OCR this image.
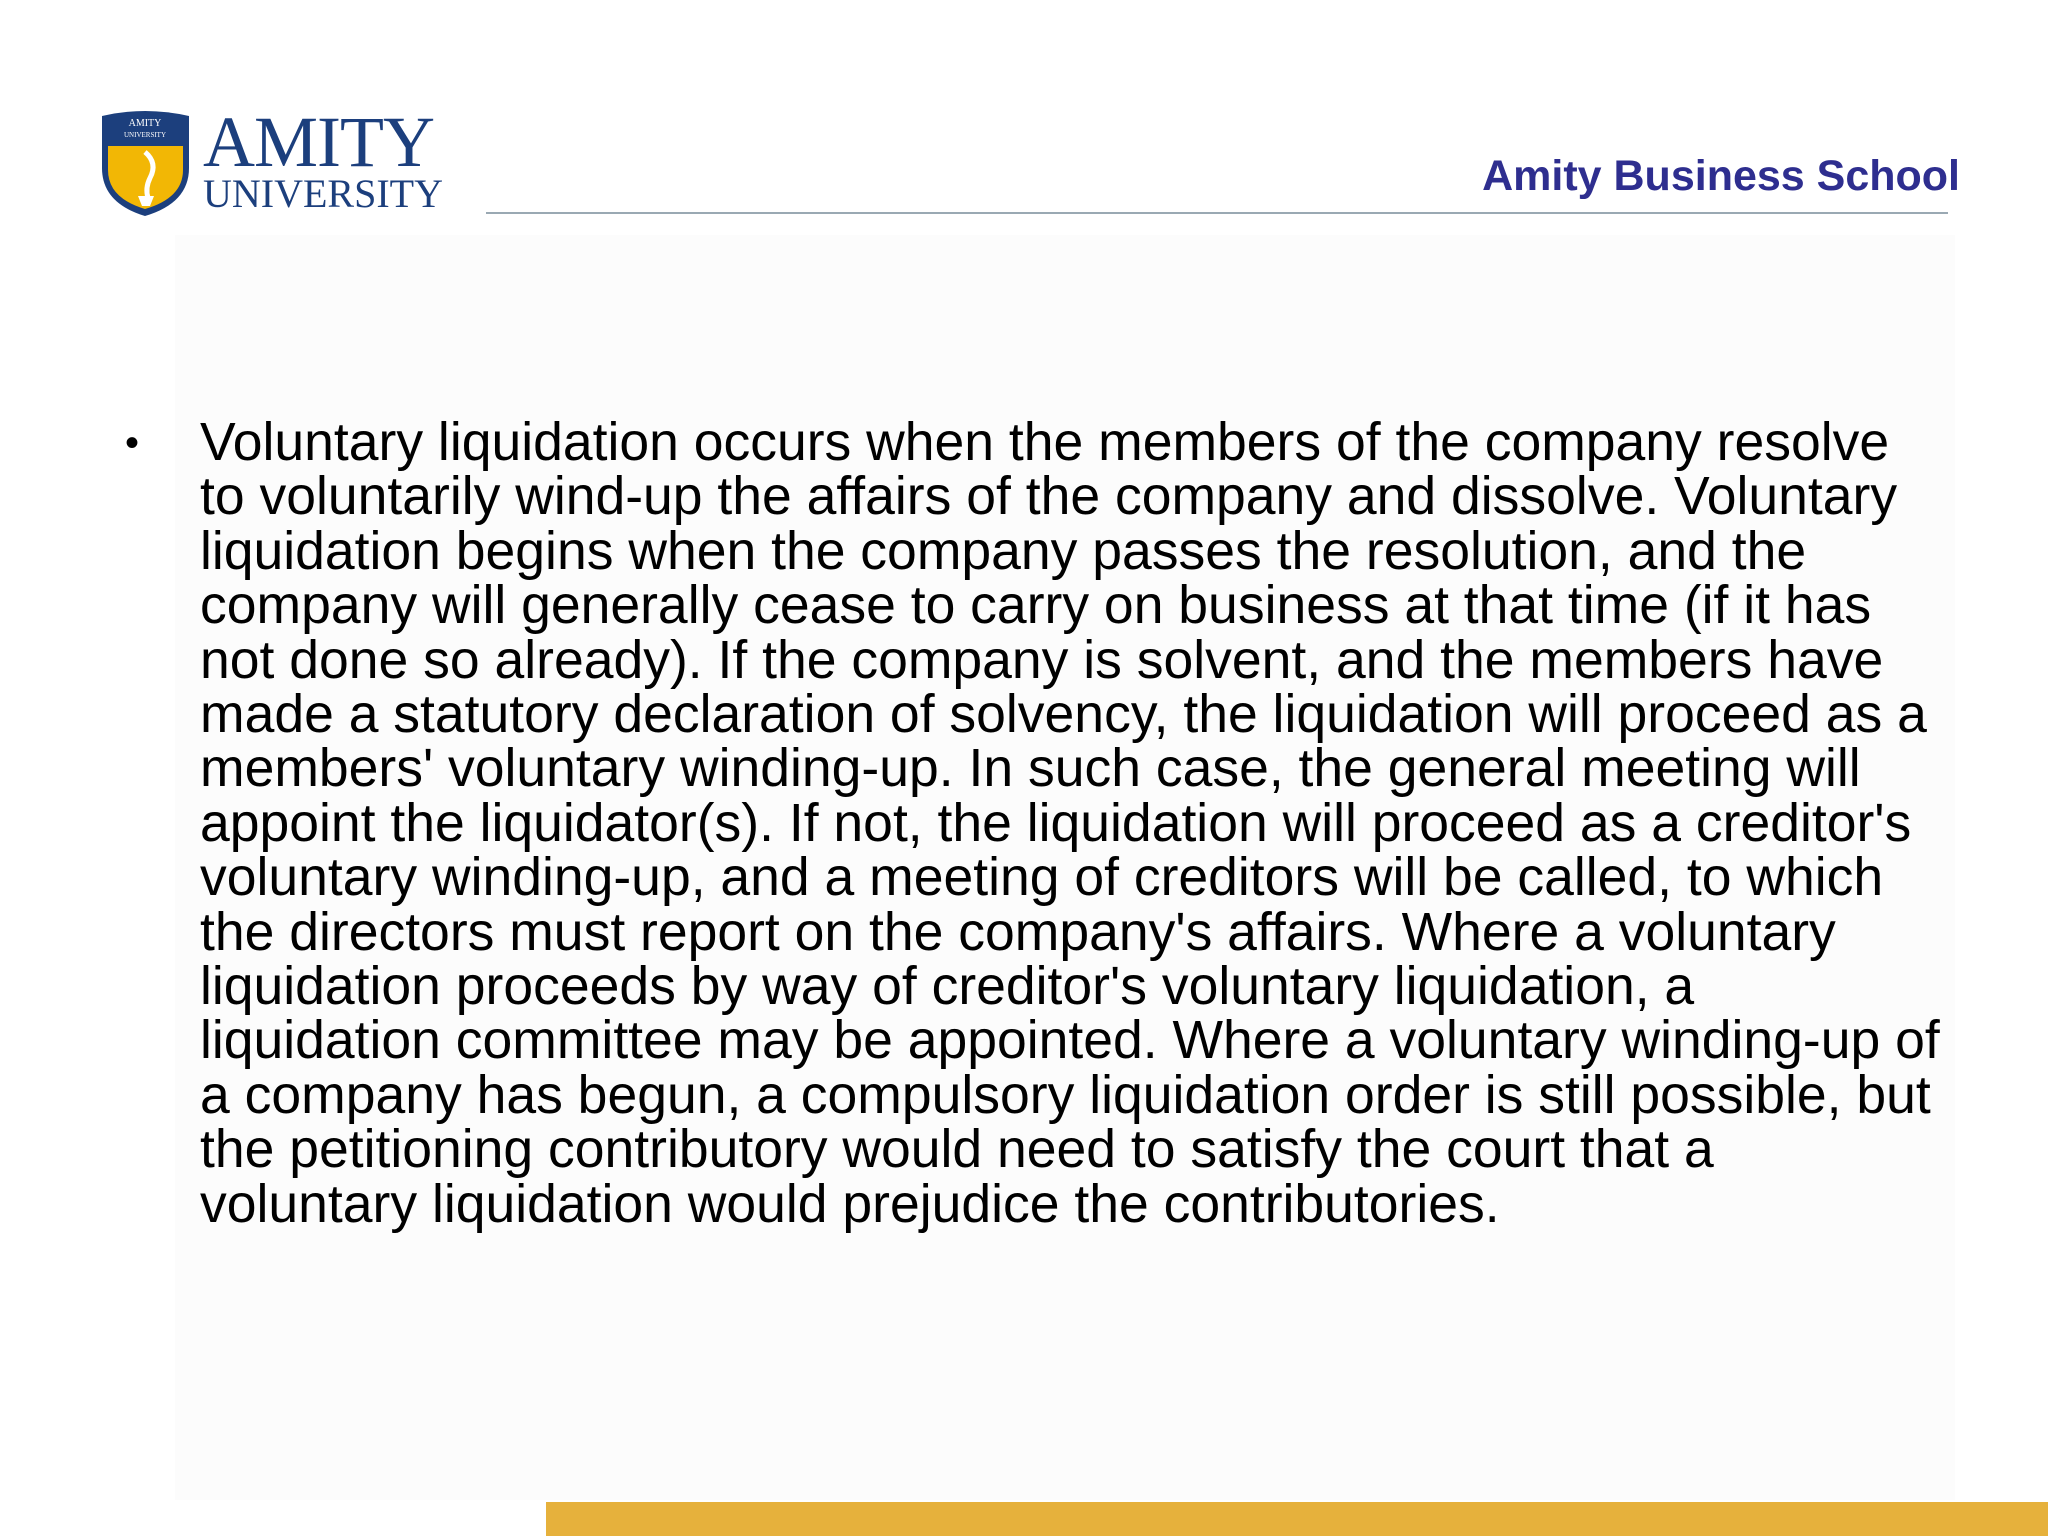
AMITY
UNIVERSITY AMITY
UNIVERSITY	Amity Business School
• Voluntary liquidation occurs when the members of the company resolve to voluntarily wind-up the affairs of the company and dissolve. Voluntary liquidation begins when the company passes the resolution, and the company will generally cease to carry on business at that time (if it has not done so already). If the company is solvent, and the members have made a statutory declaration of solvency, the liquidation will proceed as a members' voluntary winding-up. In such case, the general meeting will appoint the liquidator(s). If not, the liquidation will proceed as a creditor's voluntary winding-up, and a meeting of creditors will be called, to which the directors must report on the company's affairs. Where a voluntary liquidation proceeds by way of creditor's voluntary liquidation, a liquidation committee may be appointed. Where a voluntary winding-up of a company has begun, a compulsory liquidation order is still possible, but the petitioning contributory would need to satisfy the court that a voluntary liquidation would prejudice the contributories.
